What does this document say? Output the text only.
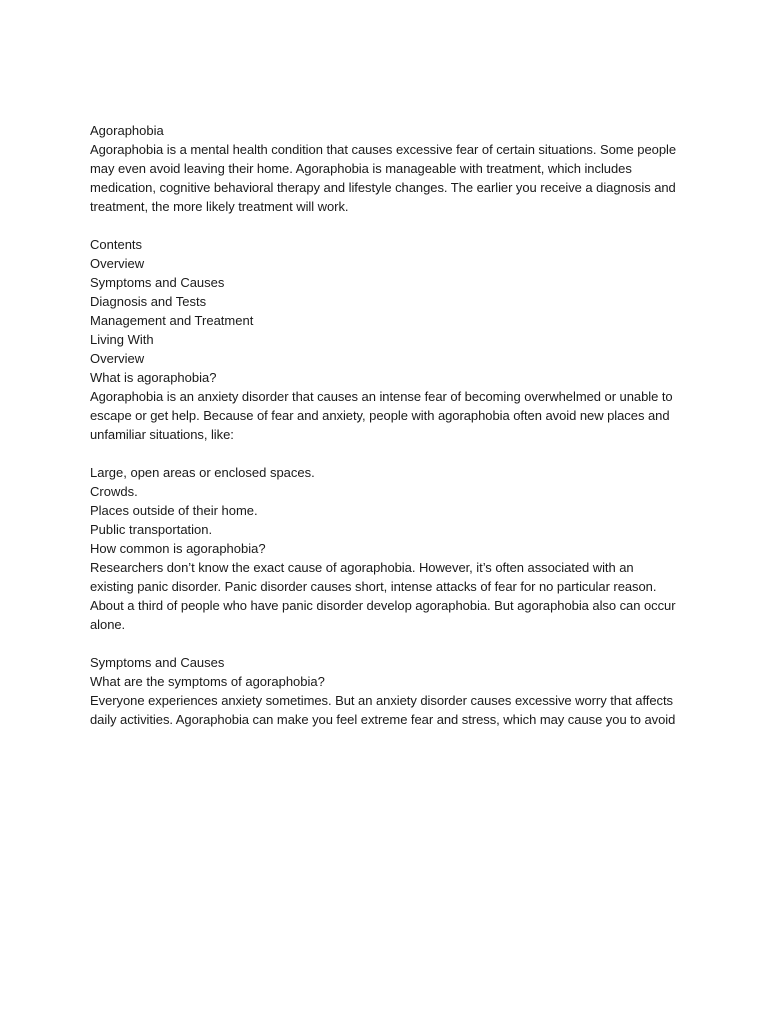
Agoraphobia

Agoraphobia is a mental health condition that causes excessive fear of certain situations. Some people may even avoid leaving their home. Agoraphobia is manageable with treatment, which includes medication, cognitive behavioral therapy and lifestyle changes. The earlier you receive a diagnosis and treatment, the more likely treatment will work.

Contents

Overview

Symptoms and Causes

Diagnosis and Tests

Management and Treatment

Living With

Overview

What is agoraphobia?

Agoraphobia is an anxiety disorder that causes an intense fear of becoming overwhelmed or unable to escape or get help. Because of fear and anxiety, people with agoraphobia often avoid new places and unfamiliar situations, like:

Large, open areas or enclosed spaces.

Crowds.

Places outside of their home.

Public transportation.

How common is agoraphobia?

Researchers don’t know the exact cause of agoraphobia. However, it’s often associated with an existing panic disorder. Panic disorder causes short, intense attacks of fear for no particular reason. About a third of people who have panic disorder develop agoraphobia. But agoraphobia also can occur alone.

Symptoms and Causes

What are the symptoms of agoraphobia?

Everyone experiences anxiety sometimes. But an anxiety disorder causes excessive worry that affects daily activities. Agoraphobia can make you feel extreme fear and stress, which may cause you to avoid
